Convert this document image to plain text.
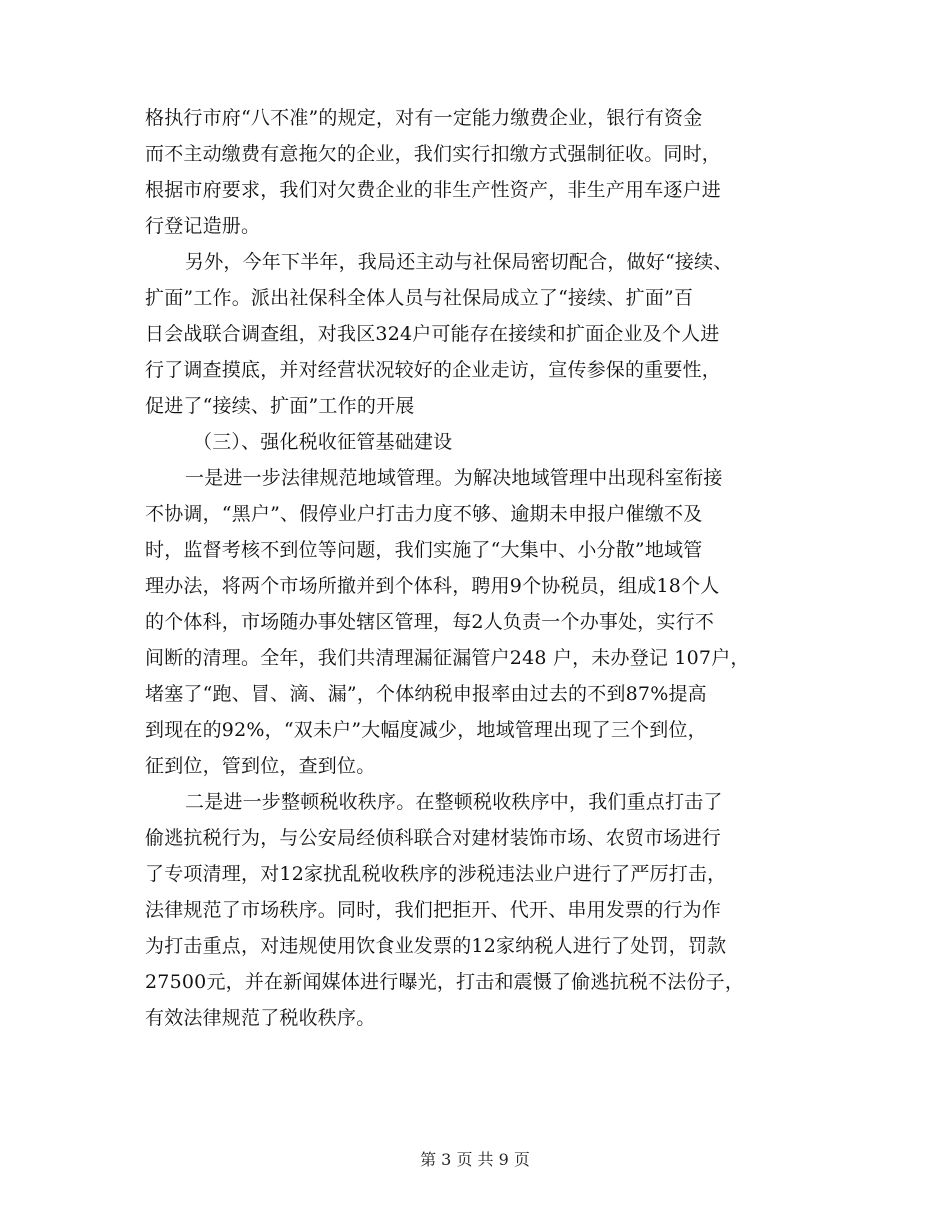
格执行市府“八不准”的规定，对有一定能力缴费企业，银行有资金
而不主动缴费有意拖欠的企业，我们实行扣缴方式强制征收。同时，
根据市府要求，我们对欠费企业的非生产性资产，非生产用车逐户进
行登记造册。
另外，今年下半年，我局还主动与社保局密切配合，做好“接续、
扩面”工作。派出社保科全体人员与社保局成立了“接续、扩面”百
日会战联合调查组，对我区324户可能存在接续和扩面企业及个人进
行了调查摸底，并对经营状况较好的企业走访，宣传参保的重要性，
促进了“接续、扩面”工作的开展
（三）、强化税收征管基础建设
一是进一步法律规范地域管理。为解决地域管理中出现科室衔接
不协调，“黑户”、假停业户打击力度不够、逾期未申报户催缴不及
时，监督考核不到位等问题，我们实施了“大集中、小分散”地域管
理办法，将两个市场所撤并到个体科，聘用9个协税员，组成18个人
的个体科，市场随办事处辖区管理，每2人负责一个办事处，实行不
间断的清理。全年，我们共清理漏征漏管户248 户，未办登记 107户，
堵塞了“跑、冒、滴、漏”，个体纳税申报率由过去的不到87%提高
到现在的92%，“双未户”大幅度减少，地域管理出现了三个到位，
征到位，管到位，查到位。
二是进一步整顿税收秩序。在整顿税收秩序中，我们重点打击了
偷逃抗税行为，与公安局经侦科联合对建材装饰市场、农贸市场进行
了专项清理，对12家扰乱税收秩序的涉税违法业户进行了严厉打击，
法律规范了市场秩序。同时，我们把拒开、代开、串用发票的行为作
为打击重点，对违规使用饮食业发票的12家纳税人进行了处罚，罚款
27500元，并在新闻媒体进行曝光，打击和震慑了偷逃抗税不法份子，
有效法律规范了税收秩序。
第 3 页 共 9 页
